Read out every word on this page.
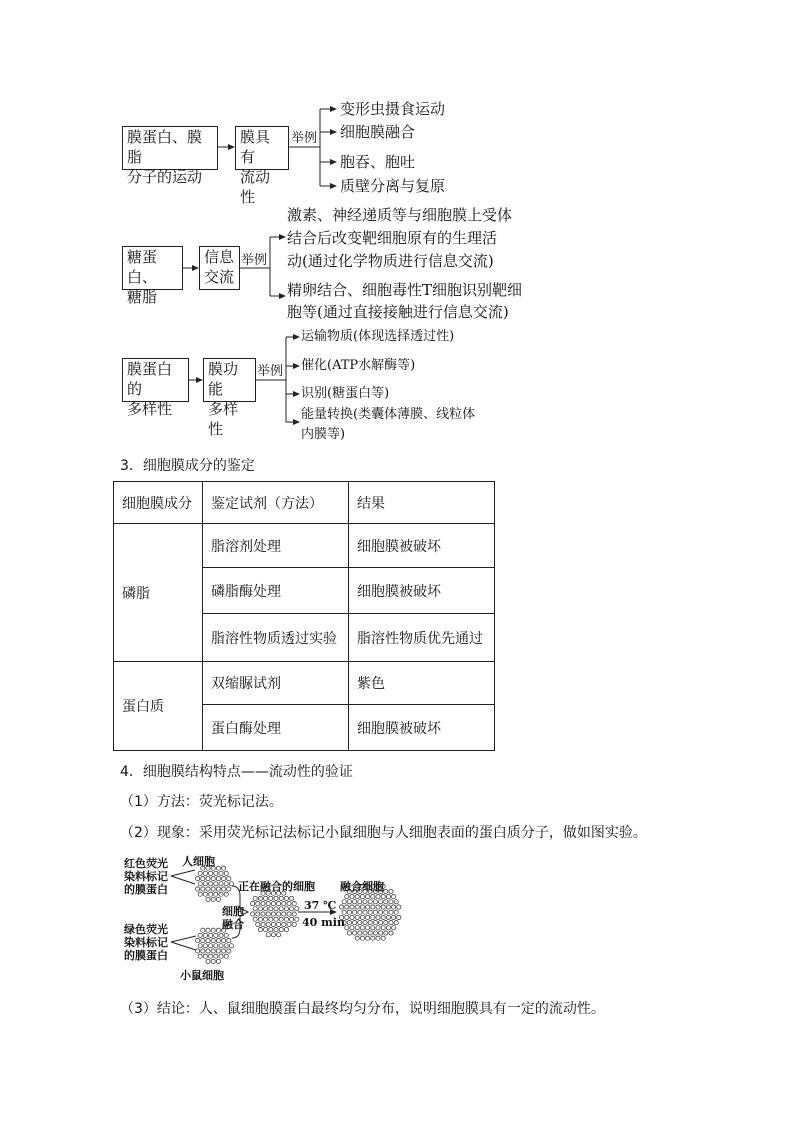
膜蛋白、膜脂
分子的运动
膜具有
流动性
举例
变形虫摄食运动
细胞膜融合
胞吞、胞吐
质壁分离与复原
糖蛋白、
糖脂
信息
交流
举例
激素、神经递质等与细胞膜上受体
结合后改变靶细胞原有的生理活
动(通过化学物质进行信息交流)
精卵结合、细胞毒性T细胞识别靶细
胞等(通过直接接触进行信息交流)
膜蛋白的
多样性
膜功能
多样性
举例
运输物质(体现选择透过性)
催化(ATP水解酶等)
识别(糖蛋白等)
能量转换(类囊体薄膜、线粒体
内膜等)
3．细胞膜成分的鉴定
细胞膜成分	鉴定试剂（方法）	结果
磷脂	脂溶剂处理	细胞膜被破坏
	磷脂酶处理	细胞膜被破坏
	脂溶性物质透过实验	脂溶性物质优先通过
蛋白质	双缩脲试剂	紫色
	蛋白酶处理	细胞膜被破坏
4．细胞膜结构特点——流动性的验证
（1）方法：荧光标记法。
（2）现象：采用荧光标记法标记小鼠细胞与人细胞表面的蛋白质分子，做如图实验。
红色荧光
染料标记
的膜蛋白
绿色荧光
染料标记
的膜蛋白
人细胞
小鼠细胞
正在融合的细胞 融合细胞
细胞
融合
37 ℃
40 min
（3）结论：人、鼠细胞膜蛋白最终均匀分布，说明细胞膜具有一定的流动性。
